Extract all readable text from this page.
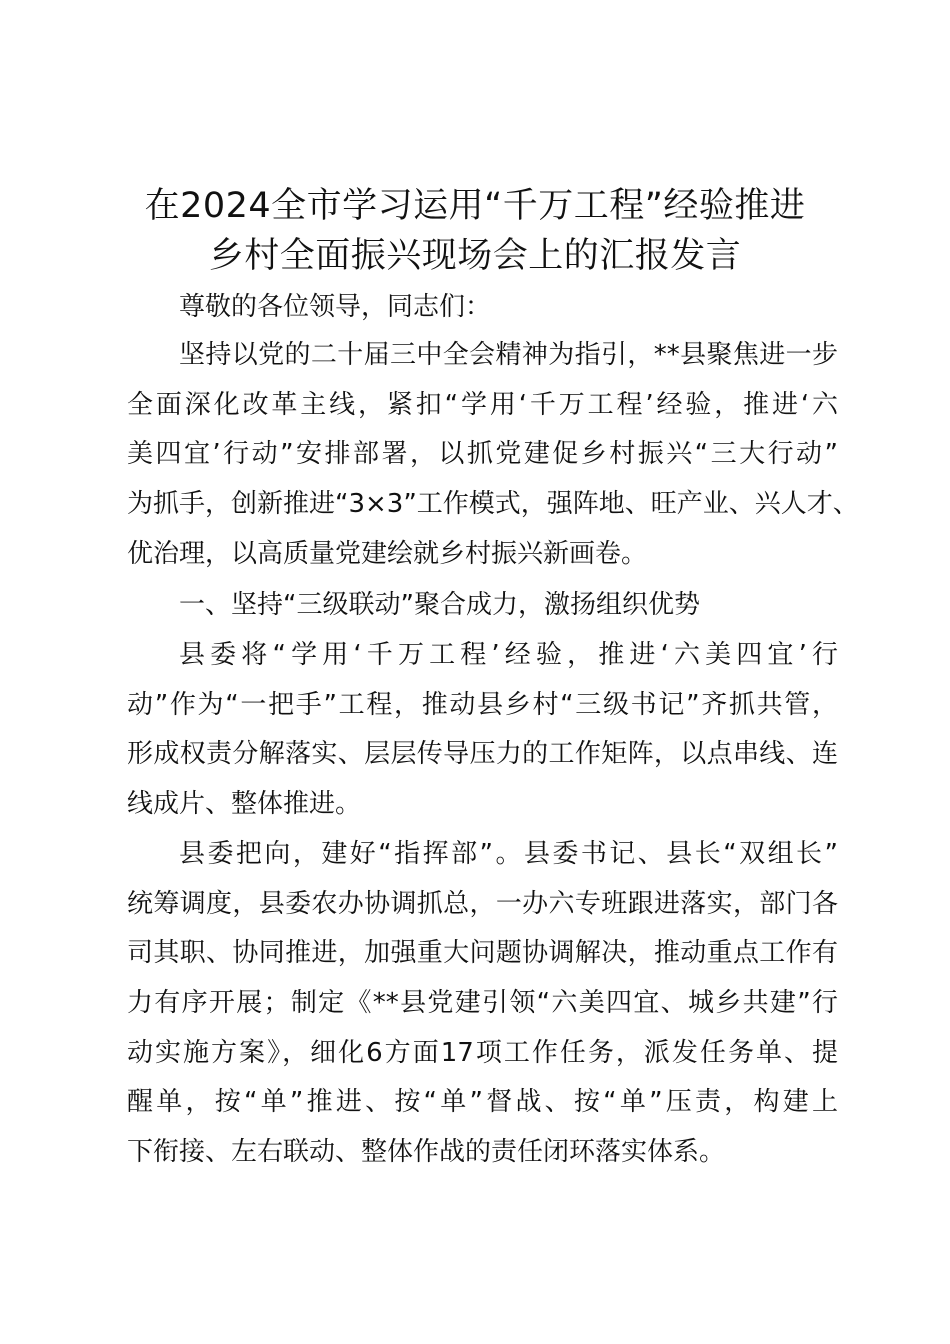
在2024全市学习运用“千万工程”经验推进
乡村全面振兴现场会上的汇报发言
尊敬的各位领导，同志们：
坚持以党的二十届三中全会精神为指引，**县聚焦进一步
全面深化改革主线，紧扣“学用‘千万工程’经验，推进‘六
美四宜’行动”安排部署，以抓党建促乡村振兴“三大行动”
为抓手，创新推进“3×3”工作模式，强阵地、旺产业、兴人才、
优治理，以高质量党建绘就乡村振兴新画卷。
一、坚持“三级联动”聚合成力，激扬组织优势
县委将“学用‘千万工程’经验，推进‘六美四宜’行
动”作为“一把手”工程，推动县乡村“三级书记”齐抓共管，
形成权责分解落实、层层传导压力的工作矩阵，以点串线、连
线成片、整体推进。
县委把向，建好“指挥部”。县委书记、县长“双组长”
统筹调度，县委农办协调抓总，一办六专班跟进落实，部门各
司其职、协同推进，加强重大问题协调解决，推动重点工作有
力有序开展；制定《**县党建引领“六美四宜、城乡共建”行
动实施方案》，细化6方面17项工作任务，派发任务单、提
醒单，按“单”推进、按“单”督战、按“单”压责，构建上
下衔接、左右联动、整体作战的责任闭环落实体系。
